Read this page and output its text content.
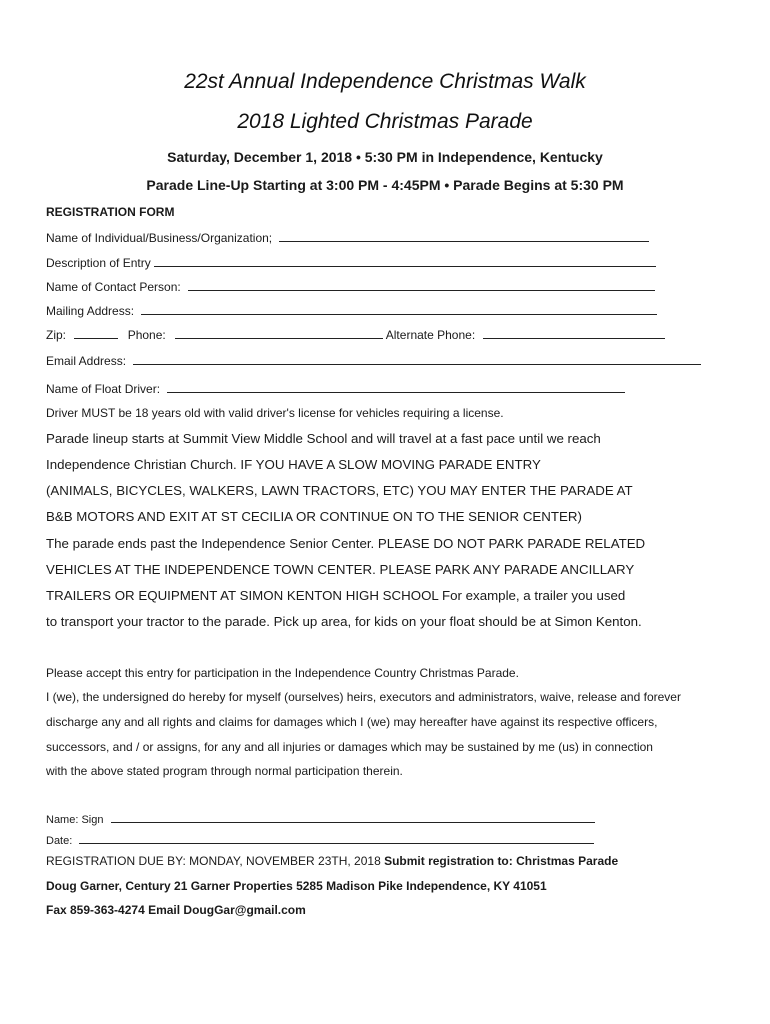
22st Annual Independence Christmas Walk
2018 Lighted Christmas Parade
Saturday, December 1, 2018 • 5:30 PM in Independence, Kentucky
Parade Line-Up Starting at 3:00 PM - 4:45PM • Parade Begins at 5:30 PM
REGISTRATION FORM
Name of Individual/Business/Organization;
Description of Entry
Name of Contact Person:
Mailing Address:
Zip:	Phone:	Alternate Phone:
Email Address:
Name of Float Driver:
Driver MUST be 18 years old with valid driver's license for vehicles requiring a license.
Parade lineup starts at Summit View Middle School and will travel at a fast pace until we reach
Independence Christian Church. IF YOU HAVE A SLOW MOVING PARADE ENTRY
(ANIMALS, BICYCLES, WALKERS, LAWN TRACTORS, ETC) YOU MAY ENTER THE PARADE AT
B&B MOTORS AND EXIT AT ST CECILIA OR CONTINUE ON TO THE SENIOR CENTER)
The parade ends past the Independence Senior Center. PLEASE DO NOT PARK PARADE RELATED
VEHICLES AT THE INDEPENDENCE TOWN CENTER. PLEASE PARK ANY PARADE ANCILLARY
TRAILERS OR EQUIPMENT AT SIMON KENTON HIGH SCHOOL For example, a trailer you used
to transport your tractor to the parade. Pick up area, for kids on your float should be at Simon Kenton.
Please accept this entry for participation in the Independence Country Christmas Parade.
I (we), the undersigned do hereby for myself (ourselves) heirs, executors and administrators, waive, release and forever
discharge any and all rights and claims for damages which I (we) may hereafter have against its respective officers,
successors, and / or assigns, for any and all injuries or damages which may be sustained by me (us) in connection
with the above stated program through normal participation therein.
Name: Sign
Date:
REGISTRATION DUE BY: MONDAY, NOVEMBER 23TH, 2018 Submit registration to: Christmas Parade
Doug Garner, Century 21 Garner Properties 5285 Madison Pike Independence, KY 41051
Fax 859-363-4274 Email DougGar@gmail.com
